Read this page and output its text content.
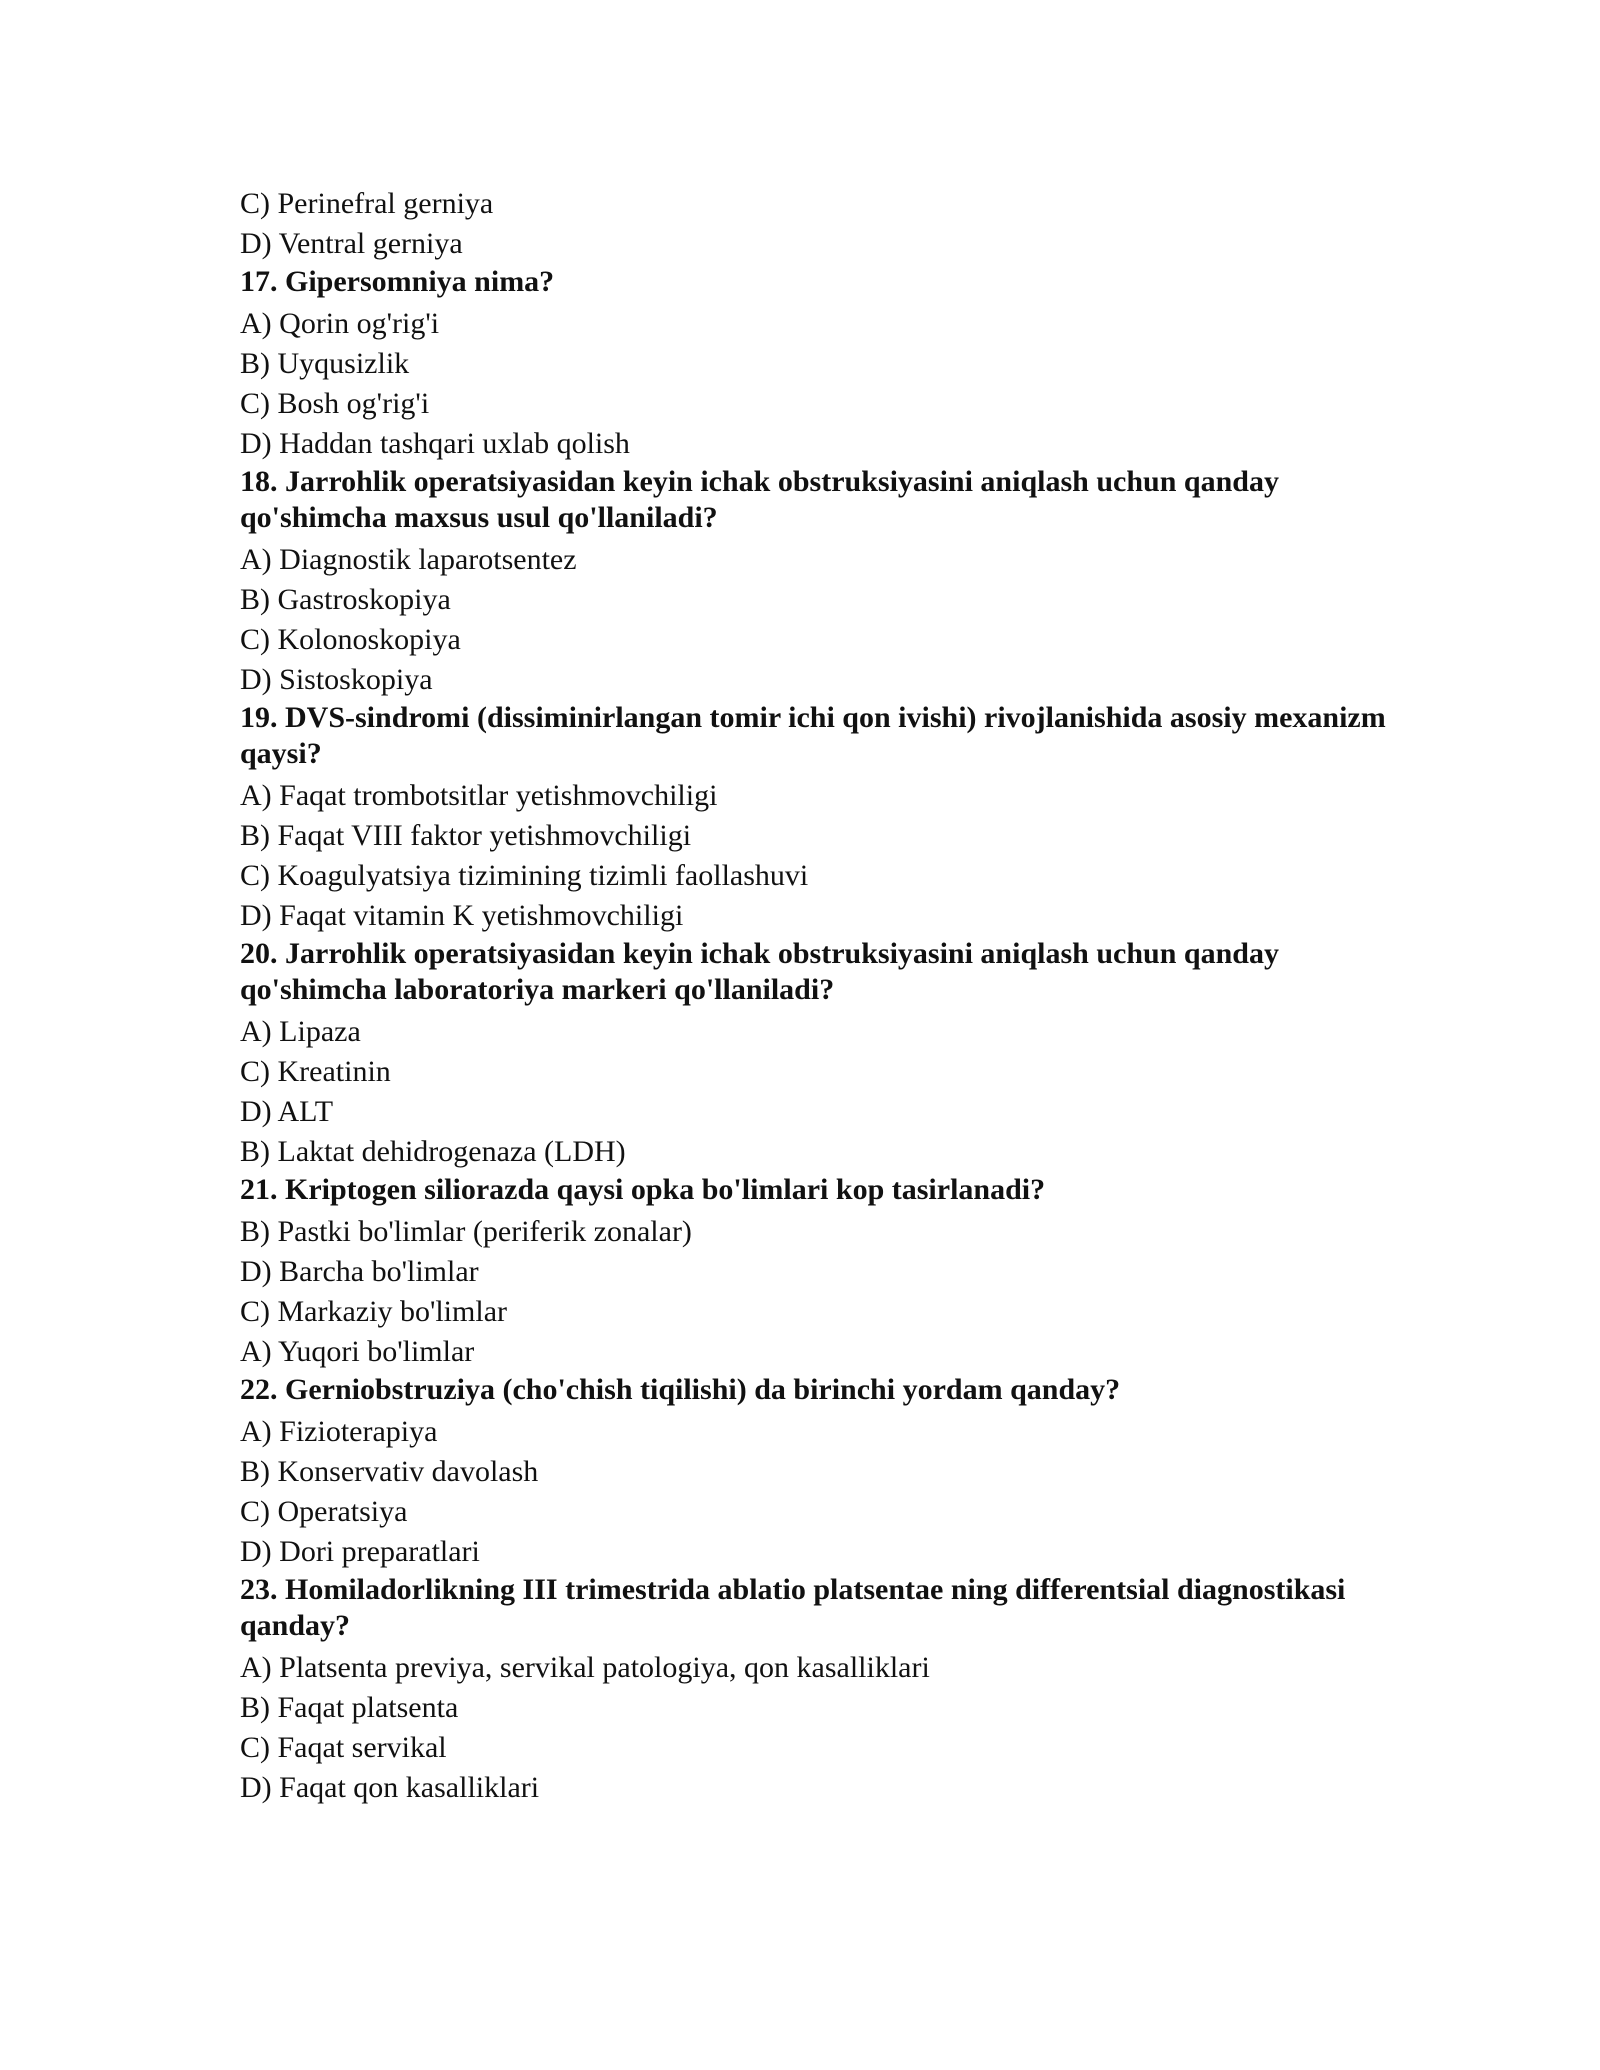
C) Perinefral gerniya
D) Ventral gerniya
17. Gipersomniya nima?
A) Qorin og'rig'i
B) Uyqusizlik
C) Bosh og'rig'i
D) Haddan tashqari uxlab qolish
18. Jarrohlik operatsiyasidan keyin ichak obstruksiyasini aniqlash uchun qanday qo'shimcha maxsus usul qo'llaniladi?
A) Diagnostik laparotsentez
B) Gastroskopiya
C) Kolonoskopiya
D) Sistoskopiya
19. DVS-sindromi (dissiminirlangan tomir ichi qon ivishi) rivojlanishida asosiy mexanizm qaysi?
A) Faqat trombotsitlar yetishmovchiligi
B) Faqat VIII faktor yetishmovchiligi
C) Koagulyatsiya tizimining tizimli faollashuvi
D) Faqat vitamin K yetishmovchiligi
20. Jarrohlik operatsiyasidan keyin ichak obstruksiyasini aniqlash uchun qanday qo'shimcha laboratoriya markeri qo'llaniladi?
A) Lipaza
C) Kreatinin
D) ALT
B) Laktat dehidrogenaza (LDH)
21. Kriptogen siliorazda qaysi opka bo'limlari kop tasirlanadi?
B) Pastki bo'limlar (periferik zonalar)
D) Barcha bo'limlar
C) Markaziy bo'limlar
A) Yuqori bo'limlar
22. Gerniobstruziya (cho'chish tiqilishi) da birinchi yordam qanday?
A) Fizioterapiya
B) Konservativ davolash
C) Operatsiya
D) Dori preparatlari
23. Homiladorlikning III trimestrida ablatio platsentae ning differentsial diagnostikasi qanday?
A) Platsenta previya, servikal patologiya, qon kasalliklari
B) Faqat platsenta
C) Faqat servikal
D) Faqat qon kasalliklari
